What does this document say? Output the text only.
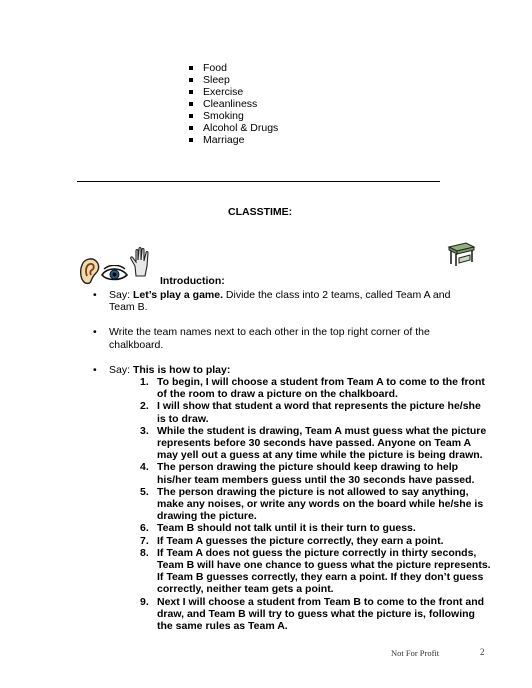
Food
Sleep
Exercise
Cleanliness
Smoking
Alcohol & Drugs
Marriage
CLASSTIME:
Introduction:
• Say: Let’s play a game. Divide the class into 2 teams, called Team A and Team B.
• Write the team names next to each other in the top right corner of the chalkboard.
• Say: This is how to play:
1. To begin, I will choose a student from Team A to come to the front of the room to draw a picture on the chalkboard.
2. I will show that student a word that represents the picture he/she is to draw.
3. While the student is drawing, Team A must guess what the picture represents before 30 seconds have passed. Anyone on Team A may yell out a guess at any time while the picture is being drawn.
4. The person drawing the picture should keep drawing to help his/her team members guess until the 30 seconds have passed.
5. The person drawing the picture is not allowed to say anything, make any noises, or write any words on the board while he/she is drawing the picture.
6. Team B should not talk until it is their turn to guess.
7. If Team A guesses the picture correctly, they earn a point.
8. If Team A does not guess the picture correctly in thirty seconds, Team B will have one chance to guess what the picture represents. If Team B guesses correctly, they earn a point. If they don’t guess correctly, neither team gets a point.
9. Next I will choose a student from Team B to come to the front and draw, and Team B will try to guess what the picture is, following the same rules as Team A.
Not For Profit	2
